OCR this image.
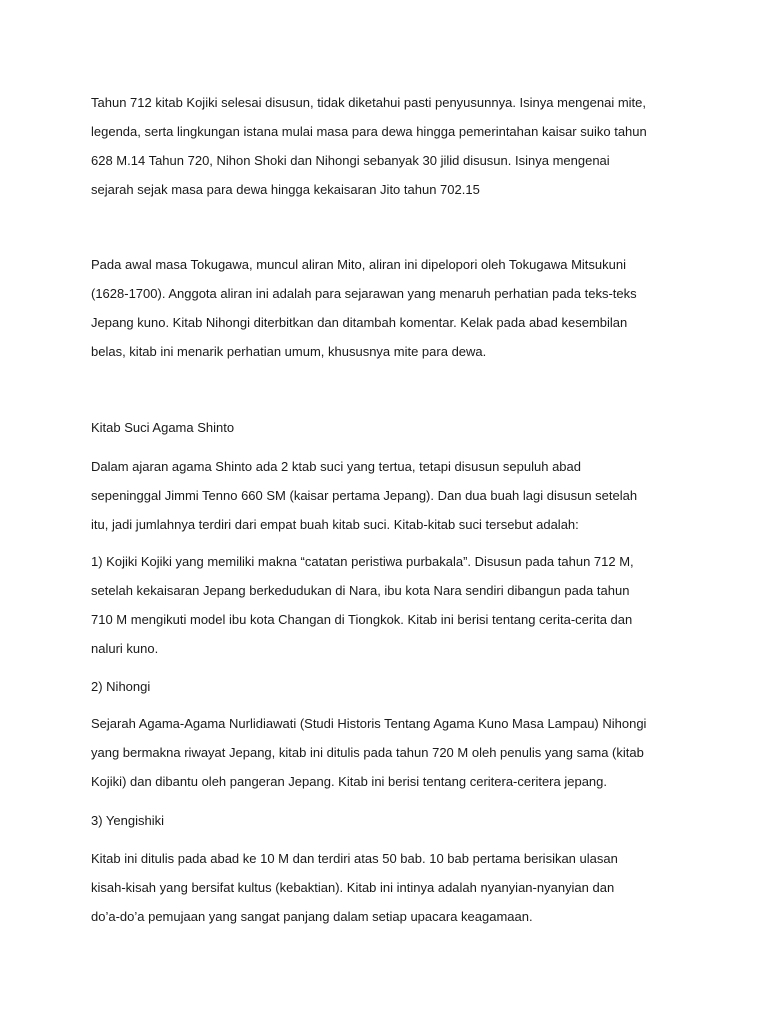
Tahun 712 kitab Kojiki selesai disusun, tidak diketahui pasti penyusunnya. Isinya mengenai mite,
legenda, serta lingkungan istana mulai masa para dewa hingga pemerintahan kaisar suiko tahun
628 M.14 Tahun 720, Nihon Shoki dan Nihongi sebanyak 30 jilid disusun. Isinya mengenai
sejarah sejak masa para dewa hingga kekaisaran Jito tahun 702.15

Pada awal masa Tokugawa, muncul aliran Mito, aliran ini dipelopori oleh Tokugawa Mitsukuni
(1628-1700). Anggota aliran ini adalah para sejarawan yang menaruh perhatian pada teks-teks
Jepang kuno. Kitab Nihongi diterbitkan dan ditambah komentar. Kelak pada abad kesembilan
belas, kitab ini menarik perhatian umum, khususnya mite para dewa.

Kitab Suci Agama Shinto

Dalam ajaran agama Shinto ada 2 ktab suci yang tertua, tetapi disusun sepuluh abad
sepeninggal Jimmi Tenno 660 SM (kaisar pertama Jepang). Dan dua buah lagi disusun setelah
itu, jadi jumlahnya terdiri dari empat buah kitab suci. Kitab-kitab suci tersebut adalah:

1) Kojiki Kojiki yang memiliki makna “catatan peristiwa purbakala”. Disusun pada tahun 712 M,
setelah kekaisaran Jepang berkedudukan di Nara, ibu kota Nara sendiri dibangun pada tahun
710 M mengikuti model ibu kota Changan di Tiongkok. Kitab ini berisi tentang cerita-cerita dan
naluri kuno.

2) Nihongi

Sejarah Agama-Agama Nurlidiawati (Studi Historis Tentang Agama Kuno Masa Lampau) Nihongi
yang bermakna riwayat Jepang, kitab ini ditulis pada tahun 720 M oleh penulis yang sama (kitab
Kojiki) dan dibantu oleh pangeran Jepang. Kitab ini berisi tentang ceritera-ceritera jepang.

3) Yengishiki

Kitab ini ditulis pada abad ke 10 M dan terdiri atas 50 bab. 10 bab pertama berisikan ulasan
kisah-kisah yang bersifat kultus (kebaktian). Kitab ini intinya adalah nyanyian-nyanyian dan
do’a-do’a pemujaan yang sangat panjang dalam setiap upacara keagamaan.
